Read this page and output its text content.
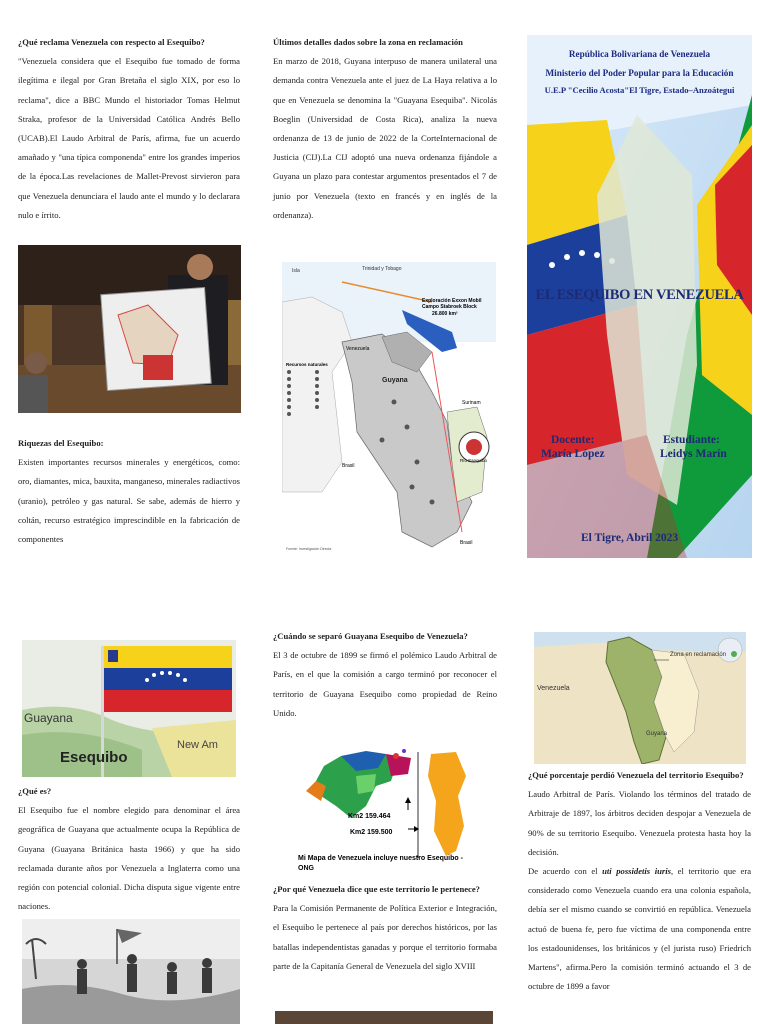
¿Qué reclama Venezuela con respecto al Esequibo?

"Venezuela considera que el Esequibo fue tomado de forma ilegítima e ilegal por Gran Bretaña el siglo XIX, por eso lo reclama", dice a BBC Mundo el historiador Tomas Helmut Straka, profesor de la Universidad Católica Andrés Bello (UCAB).El Laudo Arbitral de París, afirma, fue un acuerdo amañado y "una típica componenda" entre los grandes imperios de la época.Las revelaciones de Mallet-Prevost sirvieron para que Venezuela denunciara el laudo ante el mundo y lo declarara nulo e írrito.

Riquezas del Esequibo:

Existen importantes recursos minerales y energéticos, como: oro, diamantes, mica, bauxita, manganeso, minerales radiactivos (uranio), petróleo y gas natural. Se sabe, además de hierro y coltán, recurso estratégico imprescindible en la fabricación de componentes

Últimos detalles dados sobre la zona en reclamación

En marzo de 2018, Guyana interpuso de manera unilateral una demanda contra Venezuela ante el juez de La Haya relativa a lo que en Venezuela se denomina la "Guayana Esequiba". Nicolás Boeglin (Universidad de Costa Rica), analiza la nueva ordenanza de 13 de junio de 2022 de la CorteInternacional de Justicia (CIJ).La CIJ adoptó una nueva ordenanza fijándole a Guyana un plazo para contestar argumentos presentados el 7 de junio por Venezuela (texto en francés y en inglés de la ordenanza).

Isla	Trinidad y Tobago
Exploración Exxon Mobil
Campo Stabroek Block
26.800 km²
Venezuela
Guyana
Surinam
Río Esequibo
Brasil
Brasil
Recursos naturales
Fuente: Investigación Directa
República Bolivariana de Venezuela
Ministerio del Poder Popular para la Educación
U.E.P "Cecilio Acosta"El Tigre, Estado–Anzoátegui
EL ESEQUIBO EN VENEZUELA
Docente:
María López
Estudiante:
Leidys Marín
El Tigre, Abril 2023
Guayana
Esequibo
New Am
¿Qué es?

El Esequibo fue el nombre elegido para denominar el área geográfica de Guayana que actualmente ocupa la República de Guyana (Guayana Británica hasta 1966) y que ha sido reclamada durante años por Venezuela a Inglaterra como una región con potencial colonial. Dicha disputa sigue vigente entre naciones.

¿Cuándo se separó Guayana Esequibo de Venezuela?

El 3 de octubre de 1899 se firmó el polémico Laudo Arbitral de París, en el que la comisión a cargo terminó por reconocer el territorio de Guayana Esequibo como propiedad de Reino Unido.

Km2 159.464
Km2 159.500
Mi Mapa de Venezuela incluye nuestro Esequibo - ONG
¿Por qué Venezuela dice que este territorio le pertenece?

Para la Comisión Permanente de Política Exterior e Integración, el Esequibo le pertenece al país por derechos históricos, por las batallas independentistas ganadas y porque el territorio formaba parte de la Capitanía General de Venezuela del siglo XVIII

Zona en reclamación
Venezuela
Guyana
¿Qué porcentaje perdió Venezuela del territorio Esequibo?

Laudo Arbitral de París. Violando los términos del tratado de Arbitraje de 1897, los árbitros deciden despojar a Venezuela de 90% de su territorio Esequibo. Venezuela protesta hasta hoy la decisión.

De acuerdo con el uti possidetis iuris, el territorio que era considerado como Venezuela cuando era una colonia española, debía ser el mismo cuando se convirtió en república. Venezuela actuó de buena fe, pero fue víctima de una componenda entre los estadounidenses, los británicos y (el jurista ruso) Friedrich Martens", afirma.Pero la comisión terminó actuando el 3 de octubre de 1899 a favor
